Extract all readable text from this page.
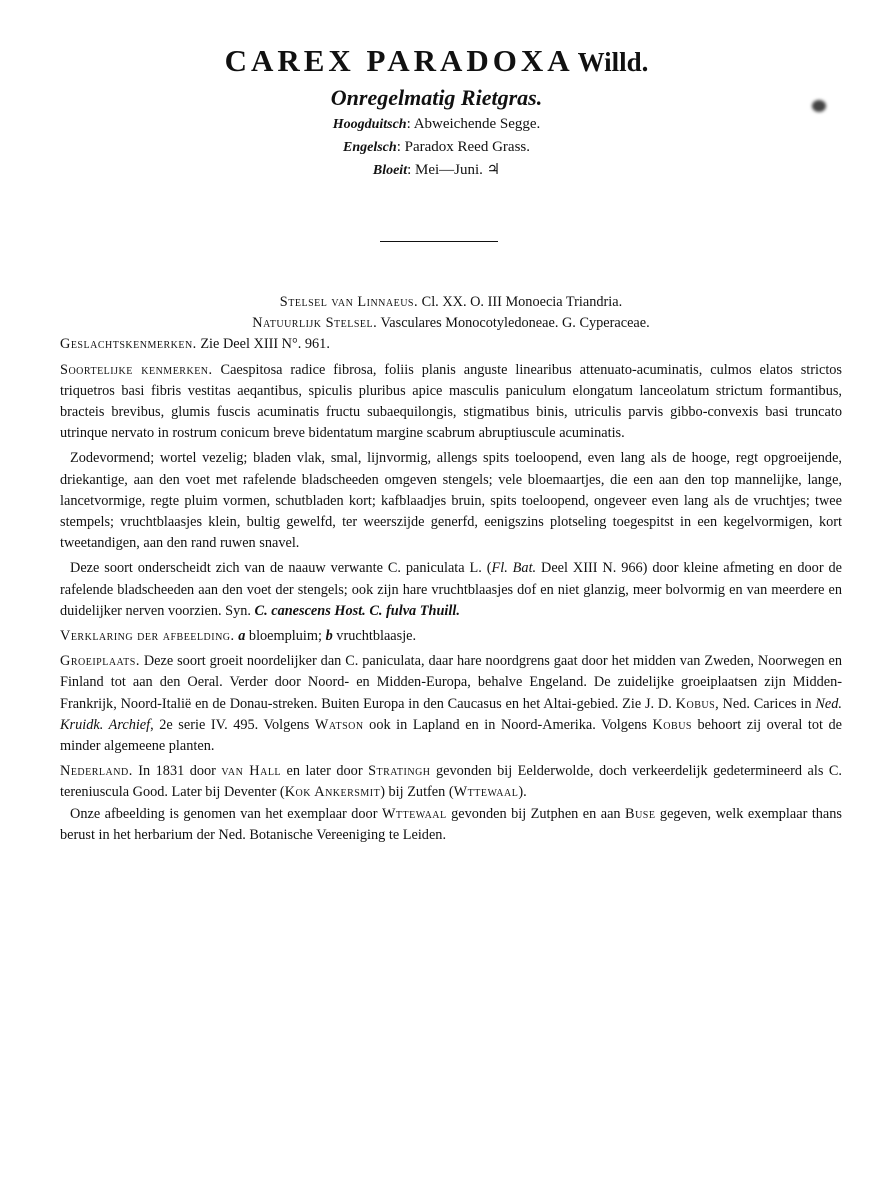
CAREX PARADOXA Willd.
Onregelmatig Rietgras.
Hoogduitsch: Abweichende Segge.
Engelsch: Paradox Reed Grass.
Bloeit: Mei—Juni. ♃

Stelsel van Linnaeus. Cl. XX. O. III Monoecia Triandria.

Natuurlijk Stelsel. Vasculares Monocotyledoneae. G. Cyperaceae.

Geslachtskenmerken. Zie Deel XIII N°. 961.

Soortelijke kenmerken. Caespitosa radice fibrosa, foliis planis anguste linearibus attenuato-acuminatis, culmos elatos strictos triquetros basi fibris vestitas aeqantibus, spiculis pluribus apice masculis paniculum elongatum lanceolatum strictum formantibus, bracteis brevibus, glumis fuscis acuminatis fructu subaequilongis, stigmatibus binis, utriculis parvis gibbo-convexis basi truncato utrinque nervato in rostrum conicum breve bidentatum margine scabrum abruptiuscule acuminatis.

Zodevormend; wortel vezelig; bladen vlak, smal, lijnvormig, allengs spits toeloopend, even lang als de hooge, regt opgroeijende, driekantige, aan den voet met rafelende bladscheeden omgeven stengels; vele bloemaartjes, die een aan den top mannelijke, lange, lancetvormige, regte pluim vormen, schutbladen kort; kafblaadjes bruin, spits toeloopend, ongeveer even lang als de vruchtjes; twee stempels; vruchtblaasjes klein, bultig gewelfd, ter weerszijde generfd, eenigszins plotseling toegespitst in een kegelvormigen, kort tweetandigen, aan den rand ruwen snavel.

Deze soort onderscheidt zich van de naauw verwante C. paniculata L. (Fl. Bat. Deel XIII N. 966) door kleine afmeting en door de rafelende bladscheeden aan den voet der stengels; ook zijn hare vruchtblaasjes dof en niet glanzig, meer bolvormig en van meerdere en duidelijker nerven voorzien. Syn. C. canescens Host. C. fulva Thuill.

Verklaring der afbeelding. a bloempluim; b vruchtblaasje.

Groeiplaats. Deze soort groeit noordelijker dan C. paniculata, daar hare noordgrens gaat door het midden van Zweden, Noorwegen en Finland tot aan den Oeral. Verder door Noord- en Midden-Europa, behalve Engeland. De zuidelijke groeiplaatsen zijn Midden-Frankrijk, Noord-Italië en de Donau-streken. Buiten Europa in den Caucasus en het Altai-gebied. Zie J. D. Kobus, Ned. Carices in Ned. Kruidk. Archief, 2e serie IV. 495. Volgens Watson ook in Lapland en in Noord-Amerika. Volgens Kobus behoort zij overal tot de minder algemeene planten.

Nederland. In 1831 door van Hall en later door Stratingh gevonden bij Eelderwolde, doch verkeerdelijk gedetermineerd als C. tereniuscula Good. Later bij Deventer (Kok Ankersmit) bij Zutfen (Wttewaal).

Onze afbeelding is genomen van het exemplaar door Wttewaal gevonden bij Zutphen en aan Buse gegeven, welk exemplaar thans berust in het herbarium der Ned. Botanische Vereeniging te Leiden.
